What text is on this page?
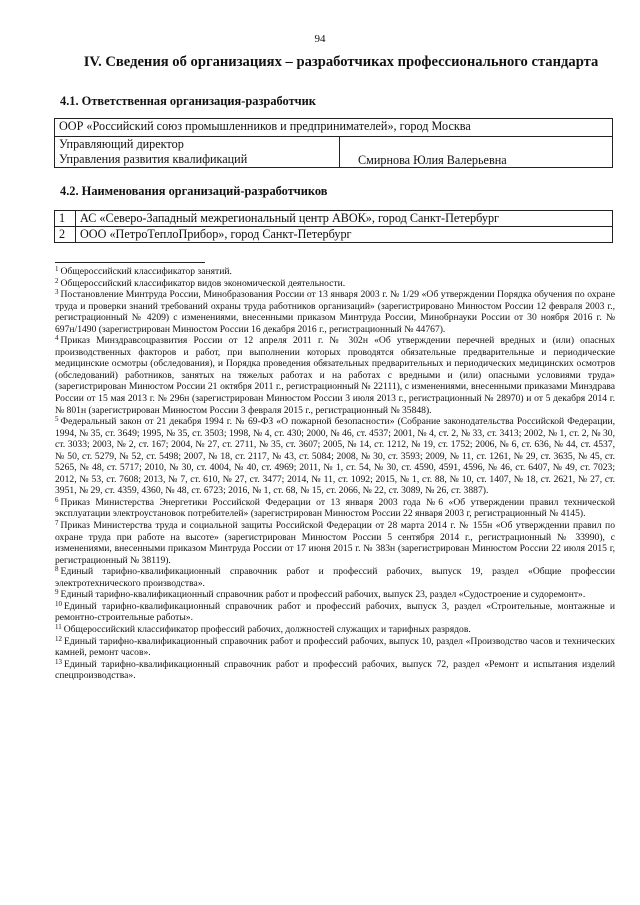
94
IV. Сведения об организациях – разработчиках профессионального стандарта
4.1. Ответственная организация-разработчик
ООР «Российский союз промышленников и предпринимателей», город Москва

Управляющий директор
Управления развития квалификаций	Смирнова Юлия Валерьевна
4.2. Наименования организаций-разработчиков
1	АС «Северо-Западный межрегиональный центр АВОК», город Санкт-Петербург
2	ООО «ПетроТеплоПрибор», город Санкт-Петербург

$^1$ Общероссийский классификатор занятий.

$^2$ Общероссийский классификатор видов экономической деятельности.

$^3$ Постановление Минтруда России, Минобразования России от 13 января 2003 г. № 1/29 «Об утверждении Порядка обучения по охране труда и проверки знаний требований охраны труда работников организаций» (зарегистрировано Минюстом России 12 февраля 2003 г., регистрационный № 4209) с изменениями, внесенными приказом Минтруда России, Минобрнауки России от 30 ноября 2016 г. № 697н/1490 (зарегистрирован Минюстом России 16 декабря 2016 г., регистрационный № 44767).

$^4$ Приказ Минздравсоцразвития России от 12 апреля 2011 г. № 302н «Об утверждении перечней вредных и (или) опасных производственных факторов и работ, при выполнении которых проводятся обязательные предварительные и периодические медицинские осмотры (обследования), и Порядка проведения обязательных предварительных и периодических медицинских осмотров (обследований) работников, занятых на тяжелых работах и на работах с вредными и (или) опасными условиями труда» (зарегистрирован Минюстом России 21 октября 2011 г., регистрационный № 22111), с изменениями, внесенными приказами Минздрава России от 15 мая 2013 г. № 296н (зарегистрирован Минюстом России 3 июля 2013 г., регистрационный № 28970) и от 5 декабря 2014 г. № 801н (зарегистрирован Минюстом России 3 февраля 2015 г., регистрационный № 35848).

$^5$ Федеральный закон от 21 декабря 1994 г. № 69-ФЗ «О пожарной безопасности» (Собрание законодательства Российской Федерации, 1994, № 35, ст. 3649; 1995, № 35, ст. 3503; 1998, № 4, ст. 430; 2000, № 46, ст. 4537; 2001, № 4, ст. 2, № 33, ст. 3413; 2002, № 1, ст. 2, № 30, ст. 3033; 2003, № 2, ст. 167; 2004, № 27, ст. 2711, № 35, ст. 3607; 2005, № 14, ст. 1212, № 19, ст. 1752; 2006, № 6, ст. 636, № 44, ст. 4537, № 50, ст. 5279, № 52, ст. 5498; 2007, № 18, ст. 2117, № 43, ст. 5084; 2008, № 30, ст. 3593; 2009, № 11, ст. 1261, № 29, ст. 3635, № 45, ст. 5265, № 48, ст. 5717; 2010, № 30, ст. 4004, № 40, ст. 4969; 2011, № 1, ст. 54, № 30, ст. 4590, 4591, 4596, № 46, ст. 6407, № 49, ст. 7023; 2012, № 53, ст. 7608; 2013, № 7, ст. 610, № 27, ст. 3477; 2014, № 11, ст. 1092; 2015, № 1, ст. 88, № 10, ст. 1407, № 18, ст. 2621, № 27, ст. 3951, № 29, ст. 4359, 4360, № 48, ст. 6723; 2016, № 1, ст. 68, № 15, ст. 2066, № 22, ст. 3089, № 26, ст. 3887).

$^6$ Приказ Министерства Энергетики Российской Федерации от 13 января 2003 года №6 «Об утверждении правил технической эксплуатации электроустановок потребителей» (зарегистрирован Минюстом России 22 января 2003 г, регистрационный № 4145).

$^7$ Приказ Министерства труда и социальной защиты Российской Федерации от 28 марта 2014 г. № 155н «Об утверждении правил по охране труда при работе на высоте» (зарегистрирован Минюстом России 5 сентября 2014 г., регистрационный № 33990), с изменениями, внесенными приказом Минтруда России от 17 июня 2015 г. № 383н (зарегистрирован Минюстом России 22 июля 2015 г, регистрационный № 38119).

$^8$ Единый тарифно-квалификационный справочник работ и профессий рабочих, выпуск 19, раздел «Общие профессии электротехнического производства».

$^9$ Единый тарифно-квалификационный справочник работ и профессий рабочих, выпуск 23, раздел «Судостроение и судоремонт».

$^{10}$ Единый тарифно-квалификационный справочник работ и профессий рабочих, выпуск 3, раздел «Строительные, монтажные и ремонтно-строительные работы».

$^{11}$ Общероссийский классификатор профессий рабочих, должностей служащих и тарифных разрядов.

$^{12}$ Единый тарифно-квалификационный справочник работ и профессий рабочих, выпуск 10, раздел «Производство часов и технических камней, ремонт часов».

$^{13}$ Единый тарифно-квалификационный справочник работ и профессий рабочих, выпуск 72, раздел «Ремонт и испытания изделий спецпроизводства».
